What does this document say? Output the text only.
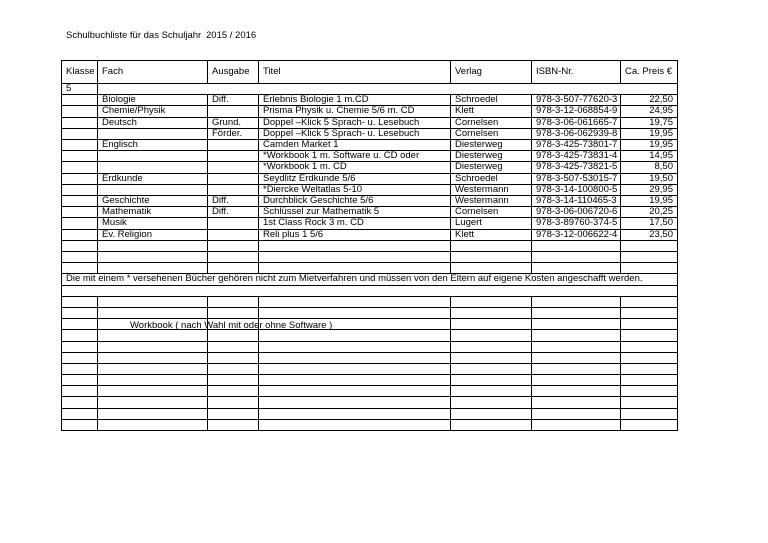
Schulbuchliste für das Schuljahr 2015 / 2016
Klasse	Fach	Ausgabe	Titel	Verlag	ISBN-Nr.	Ca. Preis €
5						
	Biologie	Diff.	Erlebnis Biologie 1 m.CD	Schroedel	978-3-507-77620-3	22,50
	Chemie/Physik		Prisma Physik u. Chemie 5/6 m. CD	Klett	978-3-12-068854-9	24,95
	Deutsch	Grund.	Doppel –Klick 5 Sprach- u. Lesebuch	Cornelsen	978-3-06-061665-7	19,75
		Förder.	Doppel –Klick 5 Sprach- u. Lesebuch	Cornelsen	978-3-06-062939-8	19,95
	Englisch		Camden Market 1	Diesterweg	978-3-425-73801-7	19,95
			*Workbook 1 m. Software u. CD oder	Diesterweg	978-3-425-73831-4	14,95
			*Workbook 1 m. CD	Diesterweg	978-3-425-73821-5	8,50
	Erdkunde		Seydlitz Erdkunde 5/6	Schroedel	978-3-507-53015-7	19,50
			*Diercke Weltatlas 5-10	Westermann	978-3-14-100800-5	29,95
	Geschichte	Diff.	Durchblick Geschichte 5/6	Westermann	978-3-14-110465-3	19,95
	Mathematik	Diff.	Schlüssel zur Mathematik 5	Cornelsen	978-3-06-006720-6	20,25
	Musik		1st Class Rock 3 m. CD	Lugert	978-3-89760-374-5	17,50
	Ev. Religion		Reli plus 1 5/6	Klett	978-3-12-006622-4	23,50

Die mit einem * versehenen Bücher gehören nicht zum Mietverfahren und müssen von den Eltern auf eigene Kosten angeschafft werden.						

Workbook ( nach Wahl mit oder ohne Software )
